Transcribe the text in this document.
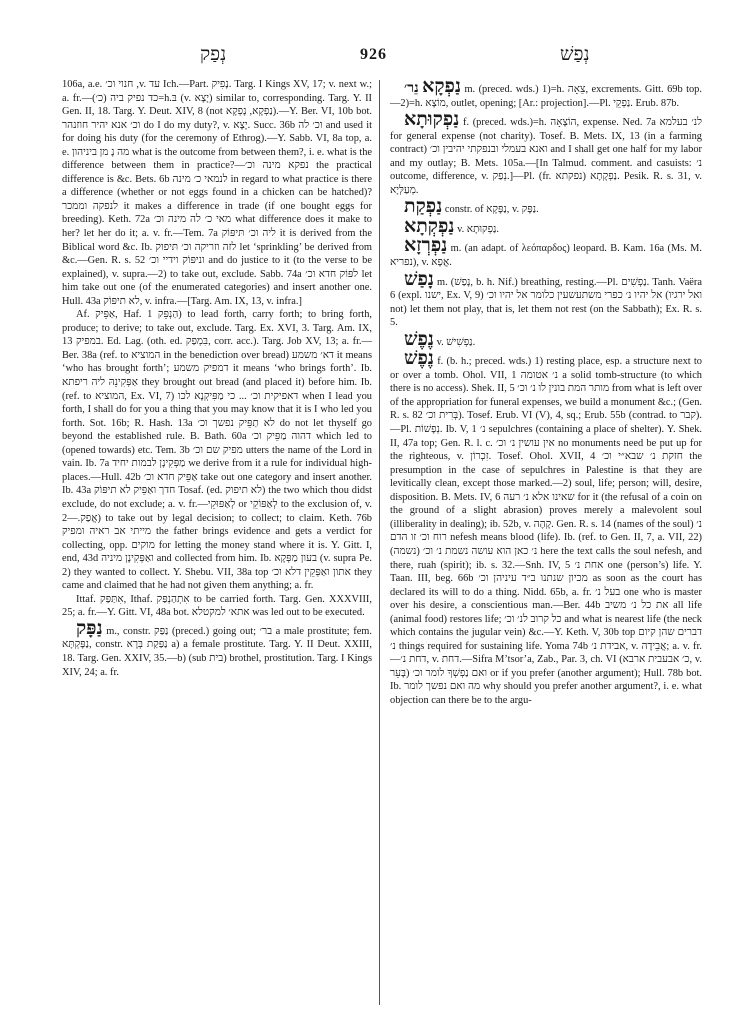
נְפַק	926	נְפַשׁ

106a, a.e. חנוי וכ׳ ,v. עד Ich.—Part. נָפִיק. Targ. I Kings XV, 17; v. next w.; a. fr.—(כ׳) כד נפיק ביה=h.בּ (v. יָצָא) similar to, corresponding. Targ. Y. II Gen. II, 18. Targ. Y. Deut. XIV, 8 (not נַפְקָא, נָפְקָא).—Y. Ber. VI, 10b bot. וכ׳ אנא יהיר חוזנהר do I do my duty?, v. יָצָא. Succ. 36b וכ׳ לה and used it for doing his duty (for the ceremony of Ethrog).—Y. Sabb. VI, 8a top, a. e. מה נָ מן ביניהון what is the outcome from between them?, i. e. what is the difference between them in practice?—נפקא מינה וכ׳ the practical difference is &c. Bets. 6b לנמאי כ׳ מינה in regard to what practice is there a difference (whether or not eggs found in a chicken can be hatched)? לנפקה וממכר it makes a difference in trade (if one bought eggs for breeding). Keth. 72a מאי כ׳ לה מינה וכ׳ what difference does it make to her? let her do it; a. v. fr.—Tem. 7a ליה וכ׳ תּיפּוֹק it is derived from the Biblical word &c. Ib. לזה וזריקה וכ׳ תּיפוק let ‘sprinkling’ be derived from &c.—Gen. R. s. 52 וניפּוֹק וידיי וכ׳ and do justice to it (to the verse to be explained), v. supra.—2) to take out, exclude. Sabb. 74a לפּוֹק חדא וכ׳ let him take out one (of the enumerated categories) and insert another one. Hull. 43a לא תיפּוֹק, v. infra.—[Targ. Am. IX, 13, v. infra.]

Af. אַפֵּיק, Haf. הַנְפֵּק 1) to lead forth, carry forth; to bring forth, produce; to derive; to take out, exclude. Targ. Ex. XVI, 3. Targ. Am. IX, 13 במפיק. Ed. Lag. (oth. ed. בִּמְפַק, corr. acc.). Targ. Job XV, 13; a. fr.—Ber. 38a (ref. to המוציא in the benediction over bread) דא׳ משמע it means ‘who has brought forth’; דמפיק משמע it means ‘who brings forth’. Ib. אַפְּקִינֵהּ ליה ריפתא they brought out bread (and placed it) before him. Ib. (ref. to המוציא, Ex. VI, 7) דאפיקית וכ׳ ... כי מַפִּיקְנָא לכו when I lead you forth, I shall do for you a thing that you may know that it is I who led you forth. Sot. 16b; R. Hash. 13a לא תַפֵּיק נפשך וכ׳ do not let thyself go beyond the established rule. B. Bath. 60a דהוה מַפֵּיק וכ׳ which led to (opened towards) etc. Tem. 3b מפיק שם וכ׳ utters the name of the Lord in vain. Ib. 7a מַפְּקִינָן לבמות יחיד we derive from it a rule for individual high-places.—Hull. 42b אַפֵּיק חדא וכ׳ take out one category and insert another. Ib. 43a חדך ואַפֵּיק לא תיפּוֹק Tosaf. (ed. לא תיפוק) the two which thou didst exclude, do not exclude; a. v. fr.—לְאַפּוּקֵי or לְאַפּוֹקֵי to the exclusion of, v. אֲפַק.—2) to take out by legal decision; to collect; to claim. Keth. 76b מייתי אב ראיה ומפיק the father brings evidence and gets a verdict for collecting, opp. מוקים for letting the money stand where it is. Y. Gitt. I, end, 43d ואַפְּקִינָן מיניה and collected from him. Ib. בעון מַפְּקָא (v. supra Pe. 2) they wanted to collect. Y. Shebu. VII, 38a top אתון ואַפְּקֵין דלא וכ׳ they came and claimed that he had not given them anything; a. fr.

Ittaf. אִתַּפַּק, Ithaf. אִתְהַנְפַּק to be carried forth. Targ. Gen. XXXVIII, 25; a. fr.—Y. Gitt. VI, 48a bot. אתא׳ למקטלא was led out to be executed.

נַפָּק m., constr. נַפַּק (preced.) going out; בר׳ a male prostitute; fem. נַפָּקְתָּא, constr. נַפַּקַת בְּרָא a) a female prostitute. Targ. Y. II Deut. XXIII, 18. Targ. Gen. XXIV, 35.—b) (sub בית) brothel, prostitution. Targ. I Kings XIV, 24; a. fr.

נֵר׳ נַפְקָא m. (preced. wds.) 1)=h. צֵאָה, excrements. Gitt. 69b top.—2)=h. מוֹצָא, outlet, opening; [Ar.: projection].—Pl. נַפְקֵי. Erub. 87b.

נַפְקוּתָא f. (preced. wds.)=h. הוֹצָאָה, expense. Ned. 7a לנ׳ בעלמא for general expense (not charity). Tosef. B. Mets. IX, 13 (in a farming contract) ואנא בעמלי ובנפקתי יהיבין וכ׳ and I shall get one half for my labor and my outlay; B. Mets. 105a.—[In Talmud. comment. and casuists: נ׳ outcome, difference, v. נְפַק.]—Pl. (fr. נפקתא) נַפְקָתָא. Pesik. R. s. 31, v. מְעַלְּיָא.

נַפְקַת constr. of נַפָּקָא, v. נַפָּק.

נַפְקְתָא v. נַפְקוּתָא.

נַפְרְזָא m. (an adapt. of λεόπαρδος) leopard. B. Kam. 16a (Ms. M. נפריא), v. אֲפָא.

נָפַשׁ m. (נָפַשׁ, b. h. Nif.) breathing, resting.—Pl. נַפְשִׁים. Tanh. Vaëra 6 (expl. ישנו, Ex. V, 9) אל יהיו נ׳ כפרי משתעשעין כלומר אל יהיו וכ׳ (ואל ירגיו not) let them not play, that is, let them not rest (on the Sabbath); Ex. R. s. 5.

נֶפֶשׁ v. נַפְשִׁישׁ.

נֶפֶשׁ f. (b. h.; preced. wds.) 1) resting place, esp. a structure next to or over a tomb. Ohol. VII, 1 נ׳ אטומה a solid tomb-structure (to which there is no access). Shek. II, 5 מותר המת בונין לו נ׳ וכ׳ from what is left over of the appropriation for funeral expenses, we build a monument &c.; (Gen. R. s. 82 בְּרִית וכ׳). Tosef. Erub. VI (V), 4, sq.; Erub. 55b (contrad. to קבר).—Pl. נְפָשׁוֹת. Ib. V, 1 נ׳ sepulchres (containing a place of shelter). Y. Shek. II, 47a top; Gen. R. l. c. אין עושין נ׳ וכ׳ no monuments need be put up for the righteous, v. זִכְרוֹן. Tosef. Ohol. XVII, 4 חזקת נ׳ שבא״י וכ׳ the presumption in the case of sepulchres in Palestine is that they are levitically clean, except those marked.—2) soul, life; person; will, desire, disposition. B. Mets. IV, 6 שאינו אלא נ׳ רעה for it (the refusal of a coin on the ground of a slight abrasion) proves merely a malevolent soul (illiberality in dealing); ib. 52b, v. קָהֶה. Gen. R. s. 14 (names of the soul) נ׳ רוח וכ׳ זו הדם nefesh means blood (life). Ib. (ref. to Gen. II, 7, a. VII, 22) (נשמה) נ׳ כאן הוא עושה נשמת נ׳ וכ׳ here the text calls the soul nefesh, and there, ruah (spirit); ib. s. 32.—Snh. IV, 5 אחת נ׳ one (person’s) life. Y. Taan. III, beg. 66b מכיון שנתנו ב״ד עיניהן וכ׳ as soon as the court has declared its will to do a thing. Nidd. 65b, a. fr. בעל נ׳ one who is master over his desire, a conscientious man.—Ber. 44b את כל נ׳ משיב all life (animal food) restores life; כל קרוב לנ׳ וכ׳ and what is nearest life (the neck which contains the jugular vein) &c.—Y. Keth. V, 30b top דברים שהן קיום נ׳ things required for sustaining life. Yoma 74b אבידת נ׳, v. אֲבֵידָה; a. v. fr.—דחת נ׳, v. דחת.—Sifra M’tsor’a, Zab., Par. 3, ch. VI (כ׳ אבעבית ארבא, v. בָּעֵר) ואם נַפְשְׁךָ לומר וכ׳ or if you prefer (another argument); Hull. 78b bot. Ib. מה ואם נפשך לומר why should you prefer another argument?, i. e. what objection can there be to the argu-
